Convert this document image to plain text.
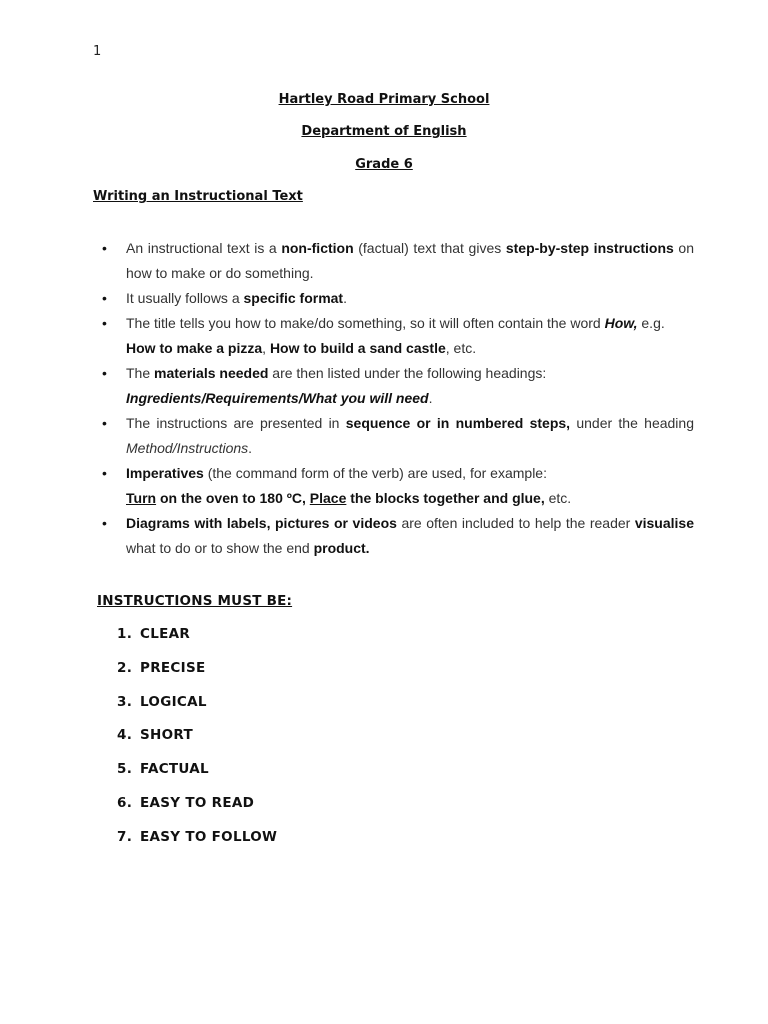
1
Hartley Road Primary School
Department of English
Grade 6
Writing an Instructional Text
• An instructional text is a non-fiction (factual) text that gives step-by-step instructions on how to make or do something.
• It usually follows a specific format.
• The title tells you how to make/do something, so it will often contain the word How, e.g. How to make a pizza, How to build a sand castle, etc.
• The materials needed are then listed under the following headings: Ingredients/Requirements/What you will need.
• The instructions are presented in sequence or in numbered steps, under the heading Method/Instructions.
• Imperatives (the command form of the verb) are used, for example:
Turn on the oven to 180 ºC, Place the blocks together and glue, etc.
• Diagrams with labels, pictures or videos are often included to help the reader visualise what to do or to show the end product.
INSTRUCTIONS MUST BE:
1. CLEAR
2. PRECISE
3. LOGICAL
4. SHORT
5. FACTUAL
6. EASY TO READ
7. EASY TO FOLLOW
